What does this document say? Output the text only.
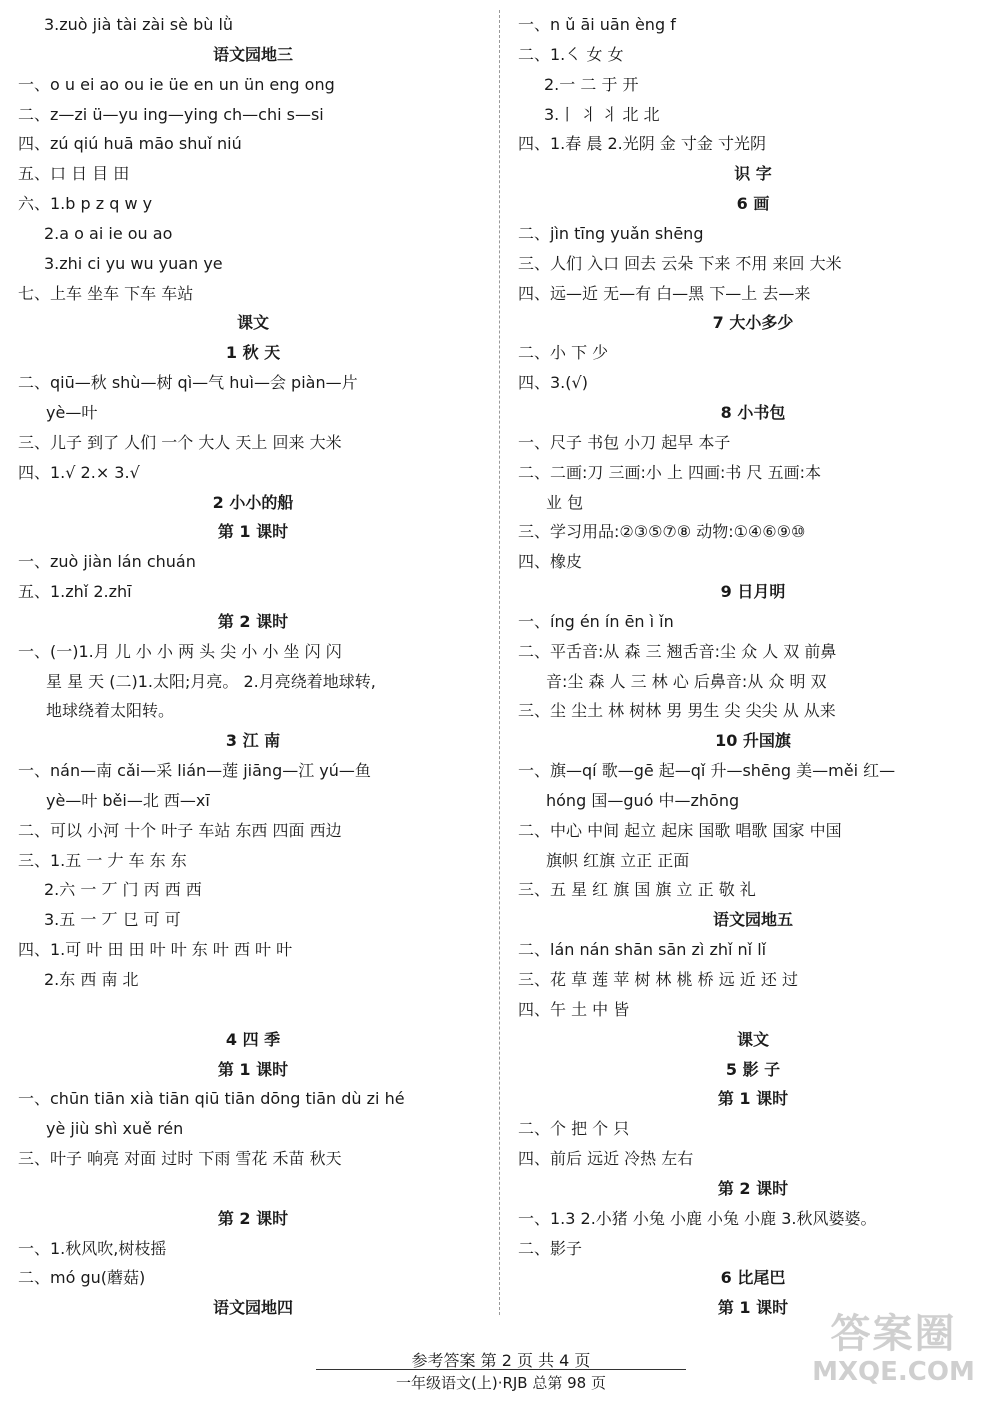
3.zuò jià tài zài sè bù lǜ
语文园地三
一、o u ei ao ou ie üe en un ün eng ong
二、z—zi ü—yu ing—ying ch—chi s—si
四、zú qiú huā māo shuǐ niú
五、口 日 目 田
六、1.b p z q w y
2.a o ai ie ou ao
3.zhi ci yu wu yuan ye
七、上车 坐车 下车 车站
课文
1 秋 天
二、qiū—秋 shù—树 qì—气 huì—会 piàn—片
yè—叶
三、儿子 到了 人们 一个 大人 天上 回来 大米
四、1.√ 2.× 3.√
2 小小的船
第 1 课时
一、zuò jiàn lán chuán
五、1.zhǐ 2.zhī
第 2 课时
一、(一)1.月 儿 小 小 两 头 尖 小 小 坐 闪 闪
星 星 天 (二)1.太阳;月亮。 2.月亮绕着地球转,
地球绕着太阳转。
3 江 南
一、nán—南 cǎi—采 lián—莲 jiāng—江 yú—鱼
yè—叶 běi—北 西—xī
二、可以 小河 十个 叶子 车站 东西 四面 西边
三、1.五 一 𠂇 车 东 东
2.六 一 丆 门 丙 西 西
3.五 一 丆 㔾 可 可
四、1.可 叶 田 田 叶 叶 东 叶 西 叶 叶
2.东 西 南 北
4 四 季
第 1 课时
一、chūn tiān xià tiān qiū tiān dōng tiān dù zi hé
yè jiù shì xuě rén
三、叶子 响亮 对面 过时 下雨 雪花 禾苗 秋天
第 2 课时
一、1.秋风吹,树枝摇
二、mó gu(蘑菇)
语文园地四
一、n ǔ āi uān èng f
二、1.㇛ 女 女
2.一 二 于 开
3.丨 丬 丬 北 北
四、1.春 晨 2.光阴 金 寸金 寸光阴
识 字
6 画
二、jìn tīng yuǎn shēng
三、人们 入口 回去 云朵 下来 不用 来回 大米
四、远—近 无—有 白—黑 下—上 去—来
7 大小多少
二、小 下 少
四、3.(√)
8 小书包
一、尺子 书包 小刀 起早 本子
二、二画:刀 三画:小 上 四画:书 尺 五画:本
业 包
三、学习用品:②③⑤⑦⑧ 动物:①④⑥⑨⑩
四、橡皮
9 日月明
一、íng én ín ēn ì ǐn
二、平舌音:从 森 三 翘舌音:尘 众 人 双 前鼻
音:尘 森 人 三 林 心 后鼻音:从 众 明 双
三、尘 尘土 林 树林 男 男生 尖 尖尖 从 从来
10 升国旗
一、旗—qí 歌—gē 起—qǐ 升—shēng 美—měi 红—
hóng 国—guó 中—zhōng
二、中心 中间 起立 起床 国歌 唱歌 国家 中国
旗帜 红旗 立正 正面
三、五 星 红 旗 国 旗 立 正 敬 礼
语文园地五
二、lán nán shān sān zì zhǐ nǐ lǐ
三、花 草 莲 苹 树 林 桃 桥 远 近 还 过
四、午 土 中 皆
课文
5 影 子
第 1 课时
二、个 把 个 只
四、前后 远近 冷热 左右
第 2 课时
一、1.3 2.小猪 小兔 小鹿 小兔 小鹿 3.秋风婆婆。
二、影子
6 比尾巴
第 1 课时
参考答案 第 2 页 共 4 页
一年级语文(上)·RJB 总第 98 页
答案圈
MXQE.COM
